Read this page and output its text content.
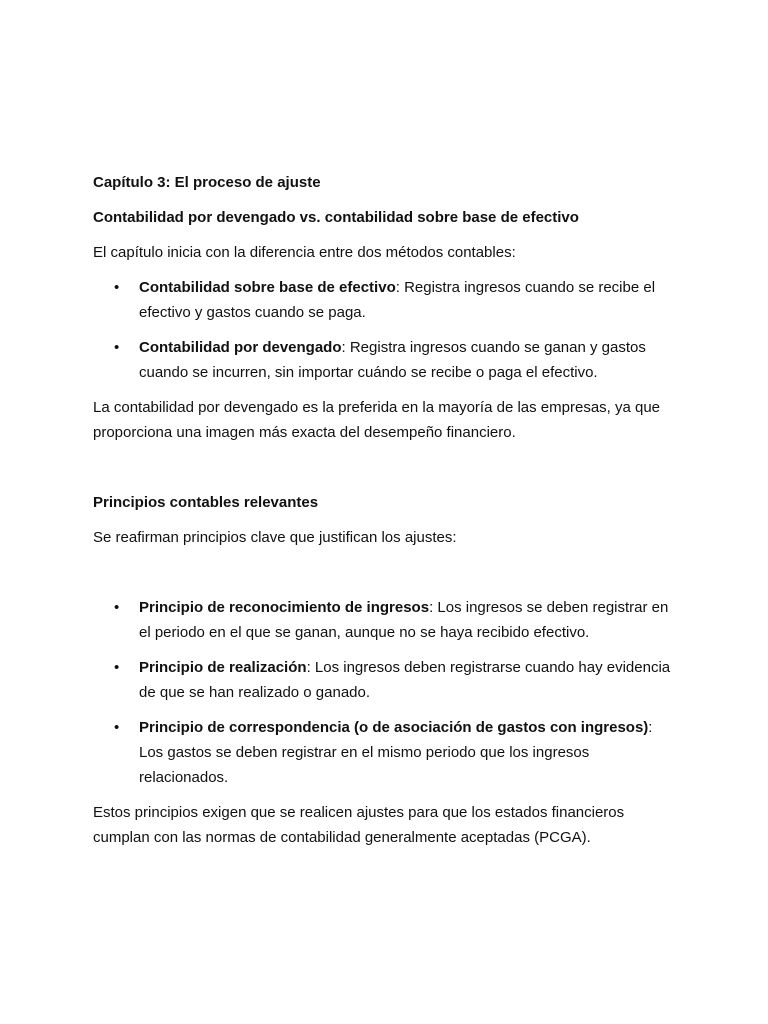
Capítulo 3: El proceso de ajuste

Contabilidad por devengado vs. contabilidad sobre base de efectivo

El capítulo inicia con la diferencia entre dos métodos contables:

• Contabilidad sobre base de efectivo: Registra ingresos cuando se recibe el efectivo y gastos cuando se paga.

• Contabilidad por devengado: Registra ingresos cuando se ganan y gastos cuando se incurren, sin importar cuándo se recibe o paga el efectivo.

La contabilidad por devengado es la preferida en la mayoría de las empresas, ya que proporciona una imagen más exacta del desempeño financiero.

Principios contables relevantes

Se reafirman principios clave que justifican los ajustes:

• Principio de reconocimiento de ingresos: Los ingresos se deben registrar en el periodo en el que se ganan, aunque no se haya recibido efectivo.

• Principio de realización: Los ingresos deben registrarse cuando hay evidencia de que se han realizado o ganado.

• Principio de correspondencia (o de asociación de gastos con ingresos): Los gastos se deben registrar en el mismo periodo que los ingresos relacionados.

Estos principios exigen que se realicen ajustes para que los estados financieros cumplan con las normas de contabilidad generalmente aceptadas (PCGA).
